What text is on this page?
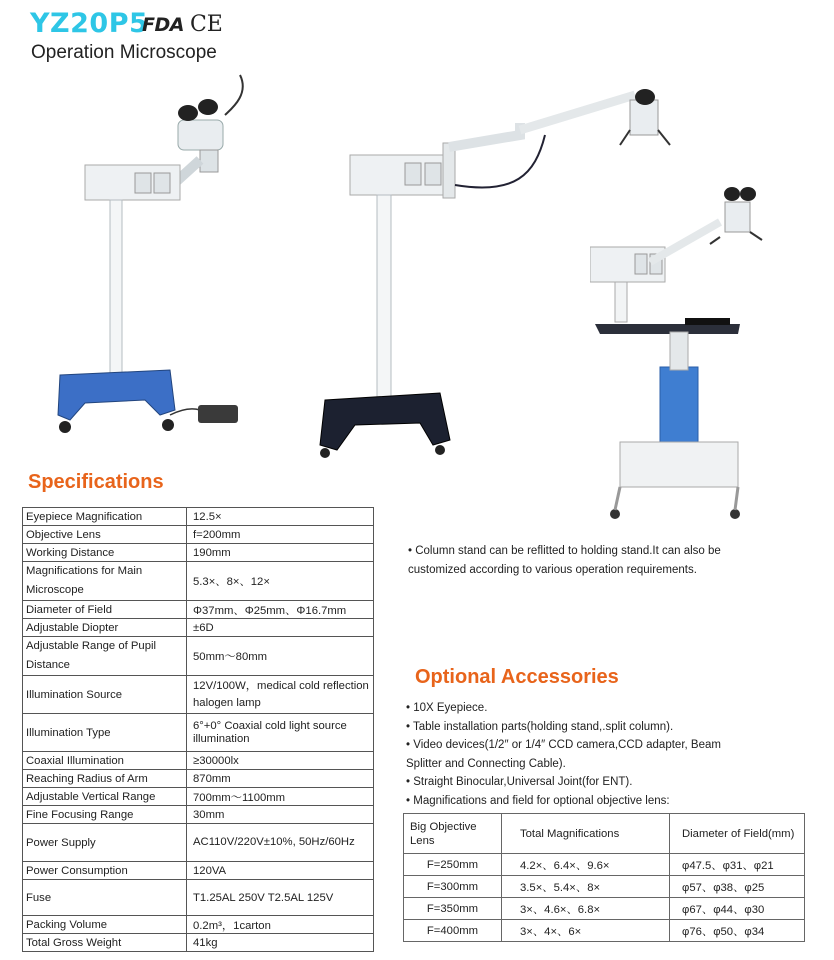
YZ20P5
FDA CE
Operation Microscope
Specifications
Eyepiece Magnification	12.5×
Objective Lens	f=200mm
Working Distance	190mm
Magnifications for Main Microscope	5.3×、8×、12×
Diameter of Field	Φ37mm、Φ25mm、Φ16.7mm
Adjustable Diopter	±6D
Adjustable Range of Pupil Distance	50mm～80mm
Illumination Source	12V/100W，medical cold reflection halogen lamp
Illumination Type	6°+0° Coaxial cold light source illumination
Coaxial Illumination	≥30000lx
Reaching Radius of Arm	870mm
Adjustable Vertical Range	700mm～1100mm
Fine Focusing Range	30mm
Power Supply	AC110V/220V±10%, 50Hz/60Hz
Power Consumption	120VA
Fuse	T1.25AL 250V T2.5AL 125V
Packing Volume	0.2m³，1carton
Total Gross Weight	41kg
• Column stand can be reflitted to holding stand.It can also be customized according to various operation requirements.
Optional Accessories
• 10X Eyepiece.
• Table installation parts(holding stand,.split column).
• Video devices(1/2″ or 1/4″ CCD camera,CCD adapter, Beam Splitter and Connecting Cable).
• Straight Binocular,Universal Joint(for ENT).
• Magnifications and field for optional objective lens:
Big Objective Lens	Total Magnifications	Diameter of Field(mm)
F=250mm	4.2×、6.4×、9.6×	φ47.5、φ31、φ21
F=300mm	3.5×、5.4×、8×	φ57、φ38、φ25
F=350mm	3×、4.6×、6.8×	φ67、φ44、φ30
F=400mm	3×、4×、6×	φ76、φ50、φ34
